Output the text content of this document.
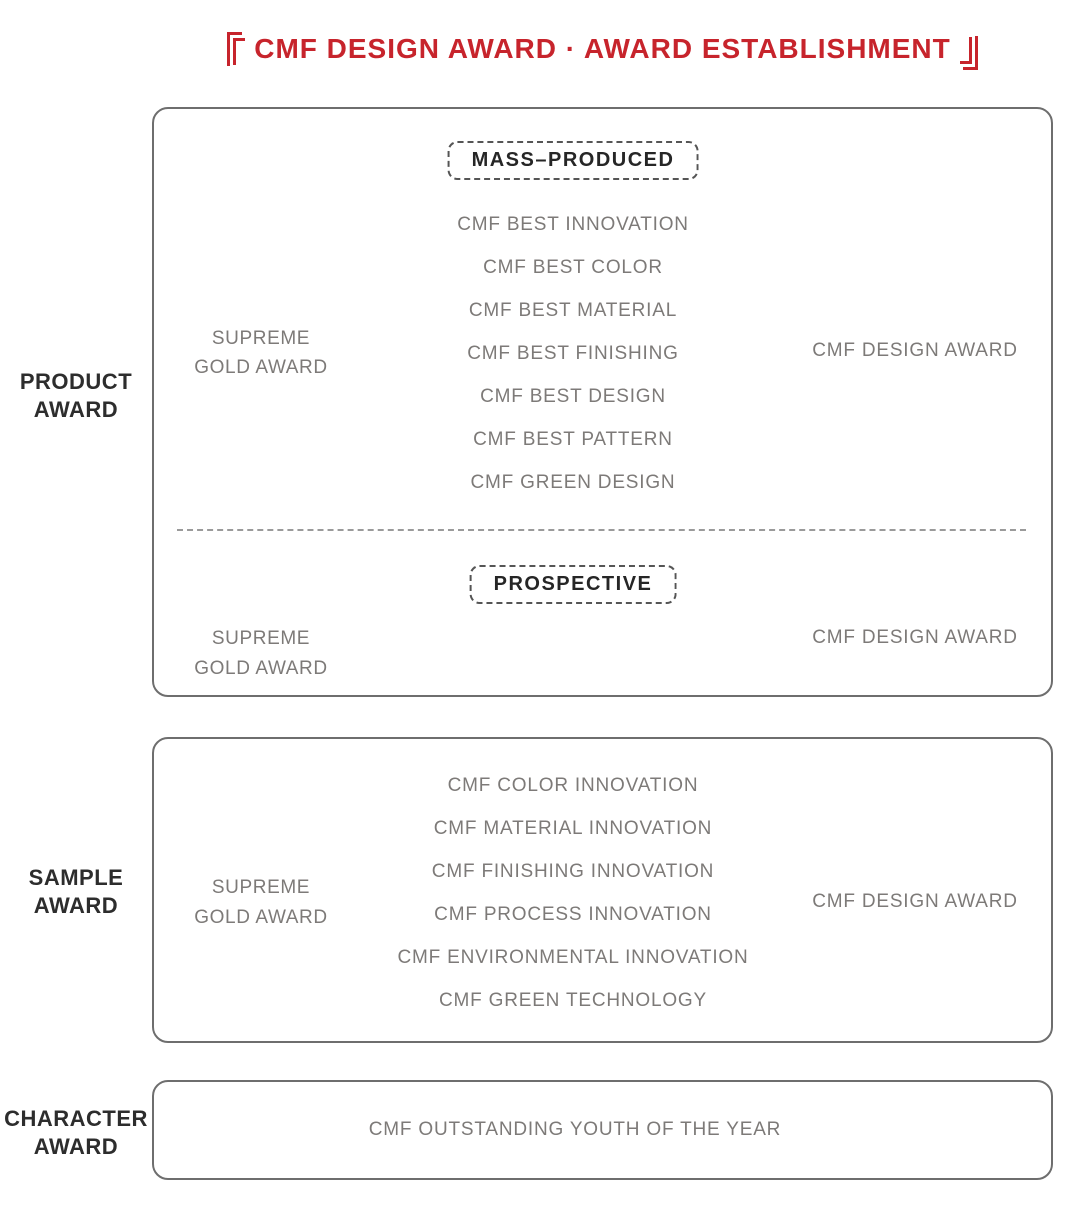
CMF DESIGN AWARD · AWARD ESTABLISHMENT
PRODUCT
AWARD
SAMPLE
AWARD
CHARACTER
AWARD
MASS–PRODUCED
SUPREME
GOLD AWARD
CMF BEST INNOVATION
CMF BEST COLOR
CMF BEST MATERIAL
CMF BEST FINISHING
CMF BEST DESIGN
CMF BEST PATTERN
CMF GREEN DESIGN
CMF DESIGN AWARD
PROSPECTIVE
SUPREME
GOLD AWARD
CMF DESIGN AWARD
SUPREME
GOLD AWARD
CMF COLOR INNOVATION
CMF MATERIAL INNOVATION
CMF FINISHING INNOVATION
CMF PROCESS INNOVATION
CMF ENVIRONMENTAL INNOVATION
CMF GREEN TECHNOLOGY
CMF DESIGN AWARD
CMF OUTSTANDING YOUTH OF THE YEAR
